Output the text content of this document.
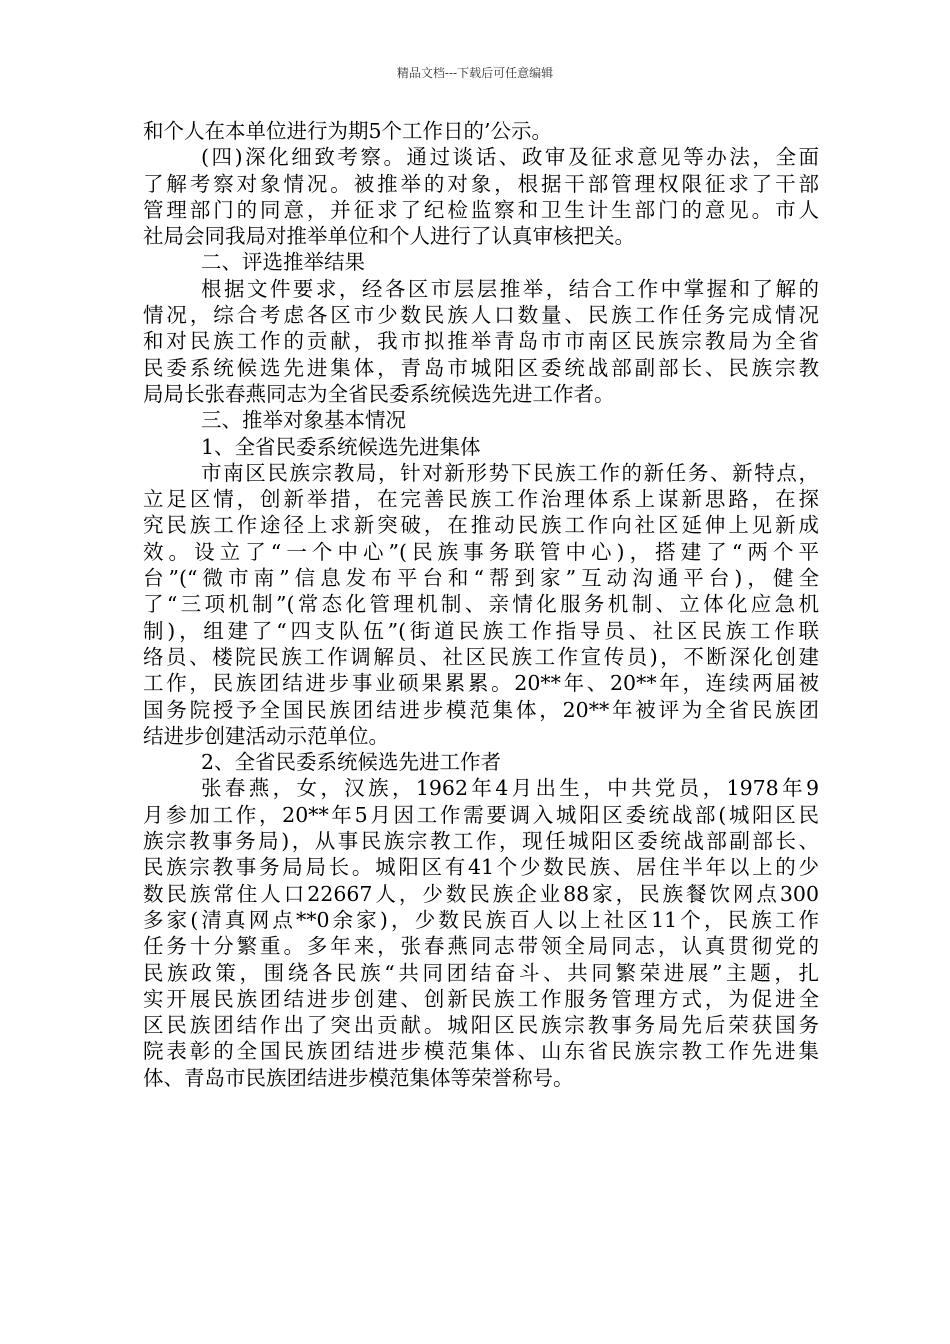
精品文档---下载后可任意编辑
和个人在本单位进行为期5个工作日的’公示。
(四)深化细致考察。通过谈话、政审及征求意见等办法，全面
了解考察对象情况。被推举的对象，根据干部管理权限征求了干部
管理部门的同意，并征求了纪检监察和卫生计生部门的意见。市人
社局会同我局对推举单位和个人进行了认真审核把关。
二、评选推举结果
根据文件要求，经各区市层层推举，结合工作中掌握和了解的
情况，综合考虑各区市少数民族人口数量、民族工作任务完成情况
和对民族工作的贡献，我市拟推举青岛市市南区民族宗教局为全省
民委系统候选先进集体，青岛市城阳区委统战部副部长、民族宗教
局局长张春燕同志为全省民委系统候选先进工作者。
三、推举对象基本情况
1、全省民委系统候选先进集体
市南区民族宗教局，针对新形势下民族工作的新任务、新特点，
立足区情，创新举措，在完善民族工作治理体系上谋新思路，在探
究民族工作途径上求新突破，在推动民族工作向社区延伸上见新成
效。设立了“一个中心”(民族事务联管中心)，搭建了“两个平
台”(“微市南”信息发布平台和“帮到家”互动沟通平台)，健全
了“三项机制”(常态化管理机制、亲情化服务机制、立体化应急机
制)，组建了“四支队伍”(街道民族工作指导员、社区民族工作联
络员、楼院民族工作调解员、社区民族工作宣传员)，不断深化创建
工作，民族团结进步事业硕果累累。20**年、20**年，连续两届被
国务院授予全国民族团结进步模范集体，20**年被评为全省民族团
结进步创建活动示范单位。
2、全省民委系统候选先进工作者
张春燕，女，汉族，1962年4月出生，中共党员，1978年9
月参加工作，20**年5月因工作需要调入城阳区委统战部(城阳区民
族宗教事务局)，从事民族宗教工作，现任城阳区委统战部副部长、
民族宗教事务局局长。城阳区有41个少数民族、居住半年以上的少
数民族常住人口22667人，少数民族企业88家，民族餐饮网点300
多家(清真网点**0余家)，少数民族百人以上社区11个，民族工作
任务十分繁重。多年来，张春燕同志带领全局同志，认真贯彻党的
民族政策，围绕各民族“共同团结奋斗、共同繁荣进展”主题，扎
实开展民族团结进步创建、创新民族工作服务管理方式，为促进全
区民族团结作出了突出贡献。城阳区民族宗教事务局先后荣获国务
院表彰的全国民族团结进步模范集体、山东省民族宗教工作先进集
体、青岛市民族团结进步模范集体等荣誉称号。
